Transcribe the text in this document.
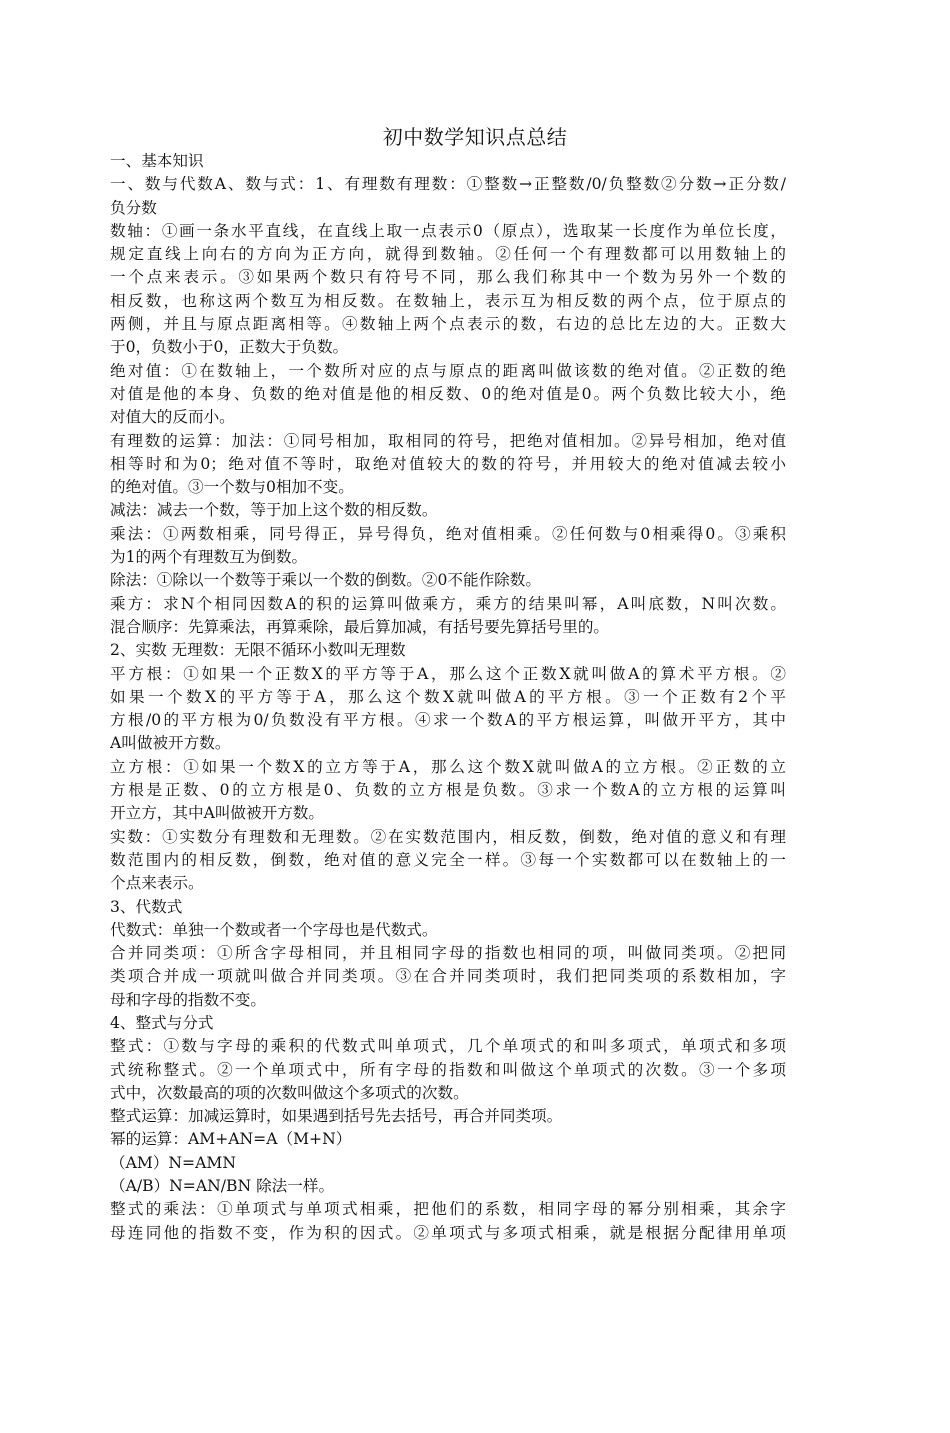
初中数学知识点总结
一、基本知识
一、数与代数A、数与式：1、有理数有理数：①整数→正整数/0/负整数②分数→正分数/
负分数
数轴：①画一条水平直线，在直线上取一点表示0（原点），选取某一长度作为单位长度，
规定直线上向右的方向为正方向，就得到数轴。②任何一个有理数都可以用数轴上的
一个点来表示。③如果两个数只有符号不同，那么我们称其中一个数为另外一个数的
相反数，也称这两个数互为相反数。在数轴上，表示互为相反数的两个点，位于原点的
两侧，并且与原点距离相等。④数轴上两个点表示的数，右边的总比左边的大。正数大
于0，负数小于0，正数大于负数。
绝对值：①在数轴上，一个数所对应的点与原点的距离叫做该数的绝对值。②正数的绝
对值是他的本身、负数的绝对值是他的相反数、0的绝对值是0。两个负数比较大小，绝
对值大的反而小。
有理数的运算：加法：①同号相加，取相同的符号，把绝对值相加。②异号相加，绝对值
相等时和为0；绝对值不等时，取绝对值较大的数的符号，并用较大的绝对值减去较小
的绝对值。③一个数与0相加不变。
减法：减去一个数，等于加上这个数的相反数。
乘法：①两数相乘，同号得正，异号得负，绝对值相乘。②任何数与0相乘得0。③乘积
为1的两个有理数互为倒数。
除法：①除以一个数等于乘以一个数的倒数。②0不能作除数。
乘方：求N个相同因数A的积的运算叫做乘方，乘方的结果叫幂，A叫底数，N叫次数。
混合顺序：先算乘法，再算乘除，最后算加减，有括号要先算括号里的。
2、实数 无理数：无限不循环小数叫无理数
平方根：①如果一个正数X的平方等于A，那么这个正数X就叫做A的算术平方根。②
如果一个数X的平方等于A，那么这个数X就叫做A的平方根。③一个正数有2个平
方根/0的平方根为0/负数没有平方根。④求一个数A的平方根运算，叫做开平方，其中
A叫做被开方数。
立方根：①如果一个数X的立方等于A，那么这个数X就叫做A的立方根。②正数的立
方根是正数、0的立方根是0、负数的立方根是负数。③求一个数A的立方根的运算叫
开立方，其中A叫做被开方数。
实数：①实数分有理数和无理数。②在实数范围内，相反数，倒数，绝对值的意义和有理
数范围内的相反数，倒数，绝对值的意义完全一样。③每一个实数都可以在数轴上的一
个点来表示。
3、代数式
代数式：单独一个数或者一个字母也是代数式。
合并同类项：①所含字母相同，并且相同字母的指数也相同的项，叫做同类项。②把同
类项合并成一项就叫做合并同类项。③在合并同类项时，我们把同类项的系数相加，字
母和字母的指数不变。
4、整式与分式
整式：①数与字母的乘积的代数式叫单项式，几个单项式的和叫多项式，单项式和多项
式统称整式。②一个单项式中，所有字母的指数和叫做这个单项式的次数。③一个多项
式中，次数最高的项的次数叫做这个多项式的次数。
整式运算：加减运算时，如果遇到括号先去括号，再合并同类项。
幂的运算：AM+AN=A（M+N）
（AM）N=AMN
（A/B）N=AN/BN 除法一样。
整式的乘法：①单项式与单项式相乘，把他们的系数，相同字母的幂分别相乘，其余字
母连同他的指数不变，作为积的因式。②单项式与多项式相乘，就是根据分配律用单项
